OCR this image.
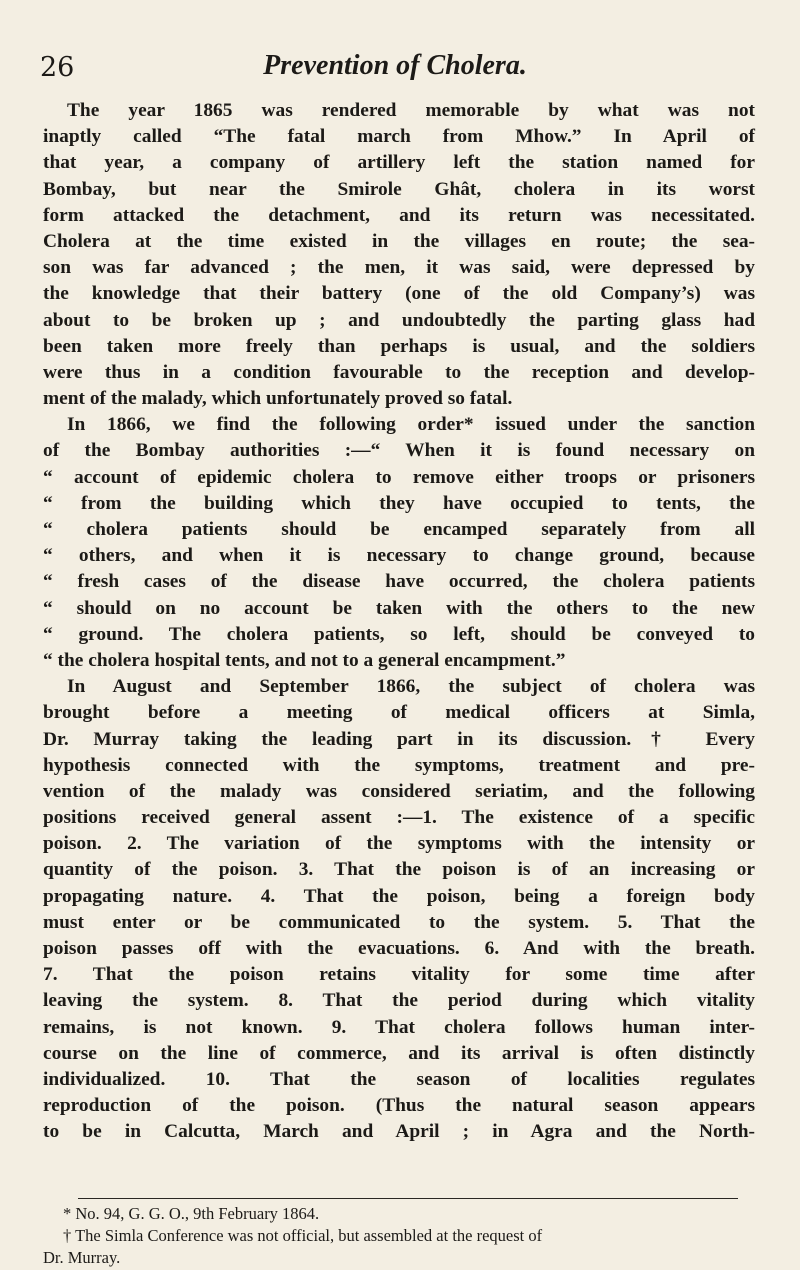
26	Prevention of Cholera.
The year 1865 was rendered memorable by what was not
inaptly called “The fatal march from Mhow.” In April of
that year, a company of artillery left the station named for
Bombay, but near the Smirole Ghât, cholera in its worst
form attacked the detachment, and its return was necessitated.
Cholera at the time existed in the villages en route; the sea-
son was far advanced ; the men, it was said, were depressed by
the knowledge that their battery (one of the old Company’s) was
about to be broken up ; and undoubtedly the parting glass had
been taken more freely than perhaps is usual, and the soldiers
were thus in a condition favourable to the reception and develop-
ment of the malady, which unfortunately proved so fatal.
In 1866, we find the following order* issued under the sanction
of the Bombay authorities :—“ When it is found necessary on
“ account of epidemic cholera to remove either troops or prisoners
“ from the building which they have occupied to tents, the
“ cholera patients should be encamped separately from all
“ others, and when it is necessary to change ground, because
“ fresh cases of the disease have occurred, the cholera patients
“ should on no account be taken with the others to the new
“ ground. The cholera patients, so left, should be conveyed to
“ the cholera hospital tents, and not to a general encampment.”
In August and September 1866, the subject of cholera was
brought before a meeting of medical officers at Simla,
Dr. Murray taking the leading part in its discussion.† Every
hypothesis connected with the symptoms, treatment and pre-
vention of the malady was considered seriatim, and the following
positions received general assent :—1. The existence of a specific
poison. 2. The variation of the symptoms with the intensity or
quantity of the poison. 3. That the poison is of an increasing or
propagating nature. 4. That the poison, being a foreign body
must enter or be communicated to the system. 5. That the
poison passes off with the evacuations. 6. And with the breath.
7. That the poison retains vitality for some time after
leaving the system. 8. That the period during which vitality
remains, is not known. 9. That cholera follows human inter-
course on the line of commerce, and its arrival is often distinctly
individualized. 10. That the season of localities regulates
reproduction of the poison. (Thus the natural season appears
to be in Calcutta, March and April ; in Agra and the North-
* No. 94, G. G. O., 9th February 1864.
† The Simla Conference was not official, but assembled at the request of
Dr. Murray.
